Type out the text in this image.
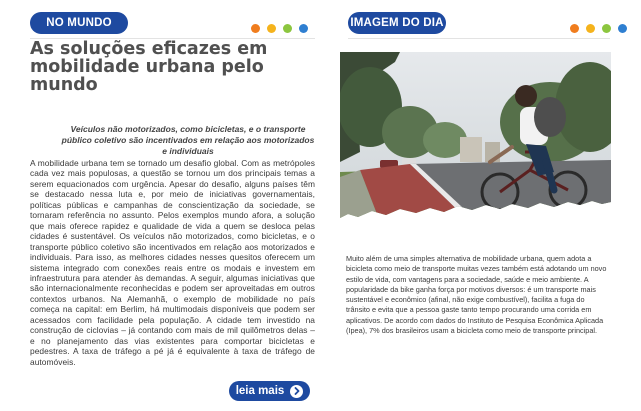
NO MUNDO
As soluções eficazes em mobilidade urbana pelo mundo

Veículos não motorizados, como bicicletas, e o transporte público coletivo são incentivados em relação aos motorizados e individuais

A mobilidade urbana tem se tornado um desafio global. Com as metrópoles cada vez mais populosas, a questão se tornou um dos principais temas a serem equacionados com urgência. Apesar do desafio, alguns países têm se destacado nessa luta e, por meio de iniciativas governamentais, políticas públicas e campanhas de conscientização da sociedade, se tornaram referência no assunto. Pelos exemplos mundo afora, a solução que mais oferece rapidez e qualidade de vida a quem se desloca pelas cidades é sustentável. Os veículos não motorizados, como bicicletas, e o transporte público coletivo são incentivados em relação aos motorizados e individuais. Para isso, as melhores cidades nesses quesitos oferecem um sistema integrado com conexões reais entre os modais e investem em infraestrutura para atender às demandas. A seguir, algumas iniciativas que são internacionalmente reconhecidas e podem ser aproveitadas em outros contextos urbanos. Na Alemanhã, o exemplo de mobilidade no país começa na capital: em Berlim, há multimodais disponíveis que podem ser acessados com facilidade pela população. A cidade tem investido na construção de ciclovias – já contando com mais de mil quilômetros delas – e no planejamento das vias existentes para comportar bicicletas e pedestres. A taxa de tráfego a pé já é equivalente à taxa de tráfego de automóveis.

leia mais
IMAGEM DO DIA

Muito além de uma simples alternativa de mobilidade urbana, quem adota a bicicleta como meio de transporte muitas vezes também está adotando um novo estilo de vida, com vantagens para a sociedade, saúde e meio ambiente. A popularidade da bike ganha força por motivos diversos: é um transporte mais sustentável e econômico (afinal, não exige combustível), facilita a fuga do trânsito e evita que a pessoa gaste tanto tempo procurando uma corrida em aplicativos. De acordo com dados do Instituto de Pesquisa Econômica Aplicada (Ipea), 7% dos brasileiros usam a bicicleta como meio de transporte principal.
